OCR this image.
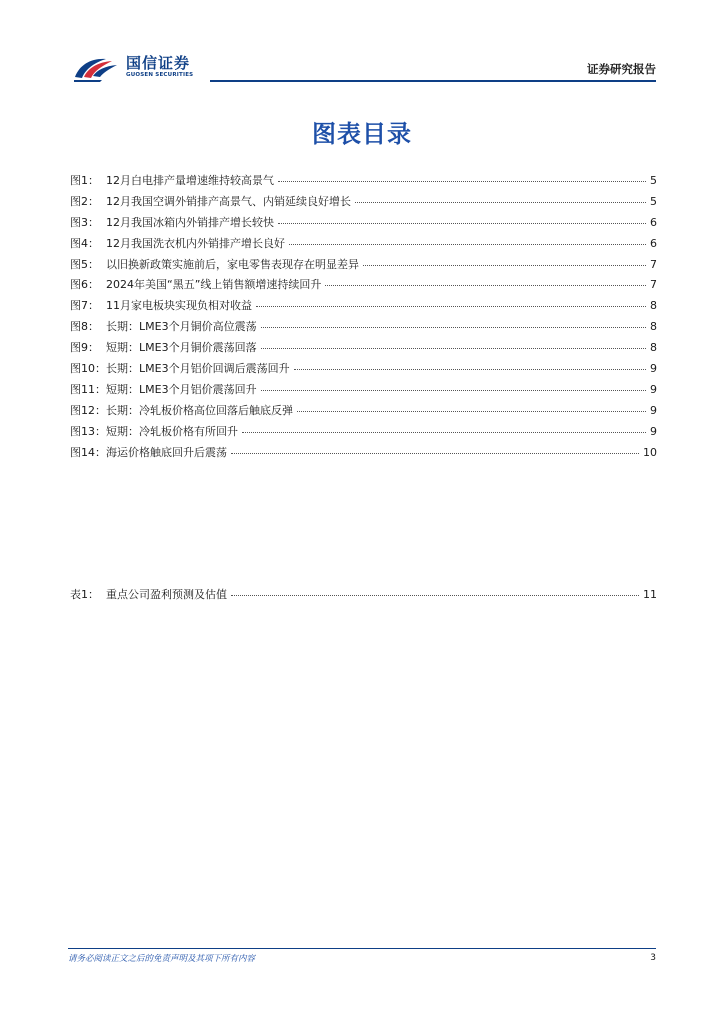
国信证券
GUOSEN SECURITIES	证券研究报告
图表目录
图1： 12月白电排产量增速维持较高景气	5
图2： 12月我国空调外销排产高景气、内销延续良好增长	5
图3： 12月我国冰箱内外销排产增长较快	6
图4： 12月我国洗衣机内外销排产增长良好	6
图5： 以旧换新政策实施前后，家电零售表现存在明显差异	7
图6： 2024年美国“黑五”线上销售额增速持续回升	7
图7： 11月家电板块实现负相对收益	8
图8： 长期：LME3个月铜价高位震荡	8
图9： 短期：LME3个月铜价震荡回落	8
图10： 长期：LME3个月铝价回调后震荡回升	9
图11： 短期：LME3个月铝价震荡回升	9
图12： 长期：冷轧板价格高位回落后触底反弹	9
图13： 短期：冷轧板价格有所回升	9
图14： 海运价格触底回升后震荡	10
表1： 重点公司盈利预测及估值	11
请务必阅读正文之后的免责声明及其项下所有内容	3
